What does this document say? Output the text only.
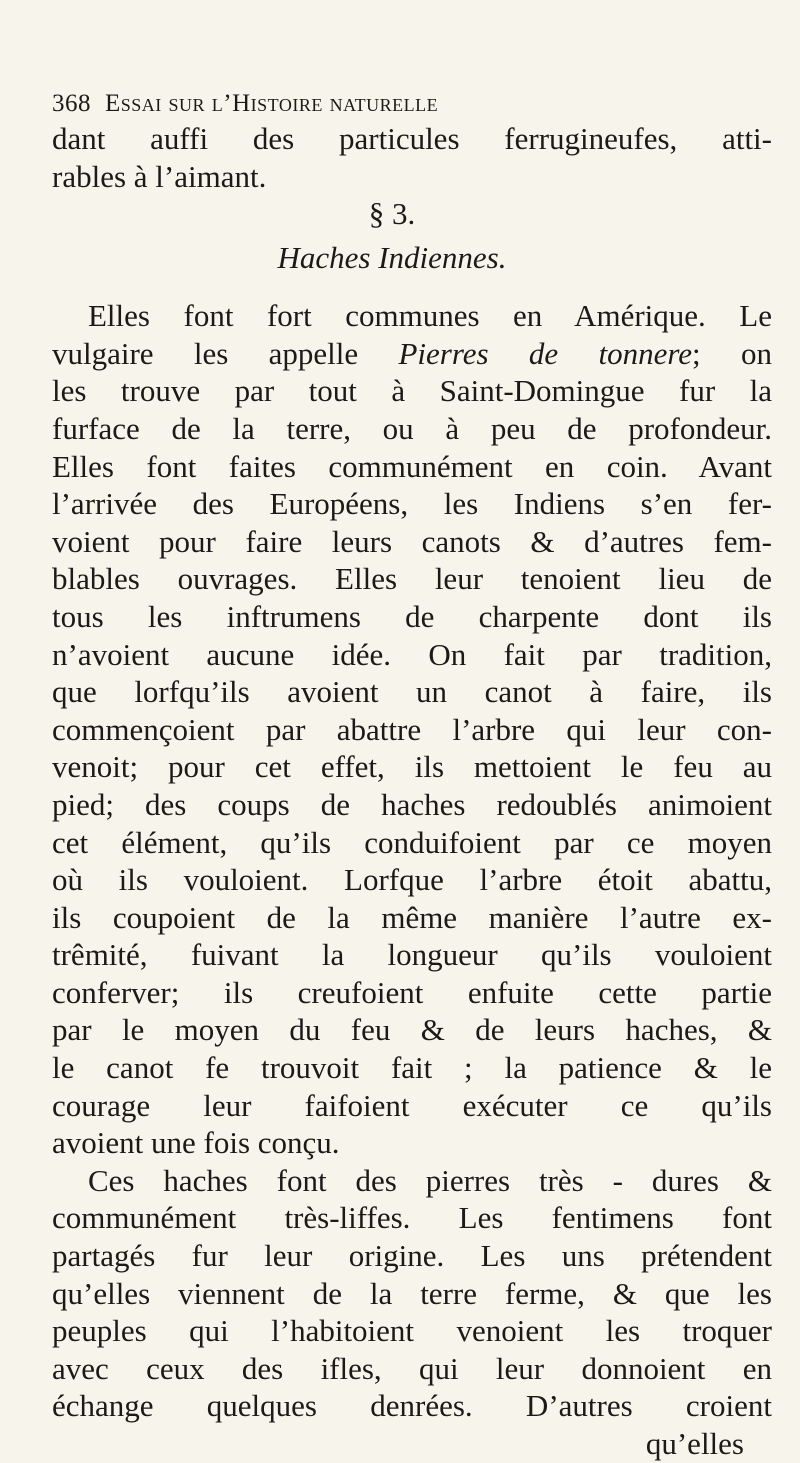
368 Essai sur l’Histoire naturelle
dant auffi des particules ferrugineufes, atti-
rables à l’aimant.
§ 3.
Haches Indiennes.
Elles font fort communes en Amérique. Le
vulgaire les appelle Pierres de tonnere; on
les trouve par tout à Saint-Domingue fur la
furface de la terre, ou à peu de profondeur.
Elles font faites communément en coin. Avant
l’arrivée des Européens, les Indiens s’en fer-
voient pour faire leurs canots & d’autres fem-
blables ouvrages. Elles leur tenoient lieu de
tous les inftrumens de charpente dont ils
n’avoient aucune idée. On fait par tradition,
que lorfqu’ils avoient un canot à faire, ils
commençoient par abattre l’arbre qui leur con-
venoit; pour cet effet, ils mettoient le feu au
pied; des coups de haches redoublés animoient
cet élément, qu’ils conduifoient par ce moyen
où ils vouloient. Lorfque l’arbre étoit abattu,
ils coupoient de la même manière l’autre ex-
trêmité, fuivant la longueur qu’ils vouloient
conferver; ils creufoient enfuite cette partie
par le moyen du feu & de leurs haches, &
le canot fe trouvoit fait ; la patience & le
courage leur faifoient exécuter ce qu’ils
avoient une fois conçu.
Ces haches font des pierres très - dures &
communément très-liffes. Les fentimens font
partagés fur leur origine. Les uns prétendent
qu’elles viennent de la terre ferme, & que les
peuples qui l’habitoient venoient les troquer
avec ceux des ifles, qui leur donnoient en
échange quelques denrées. D’autres croient
qu’elles
